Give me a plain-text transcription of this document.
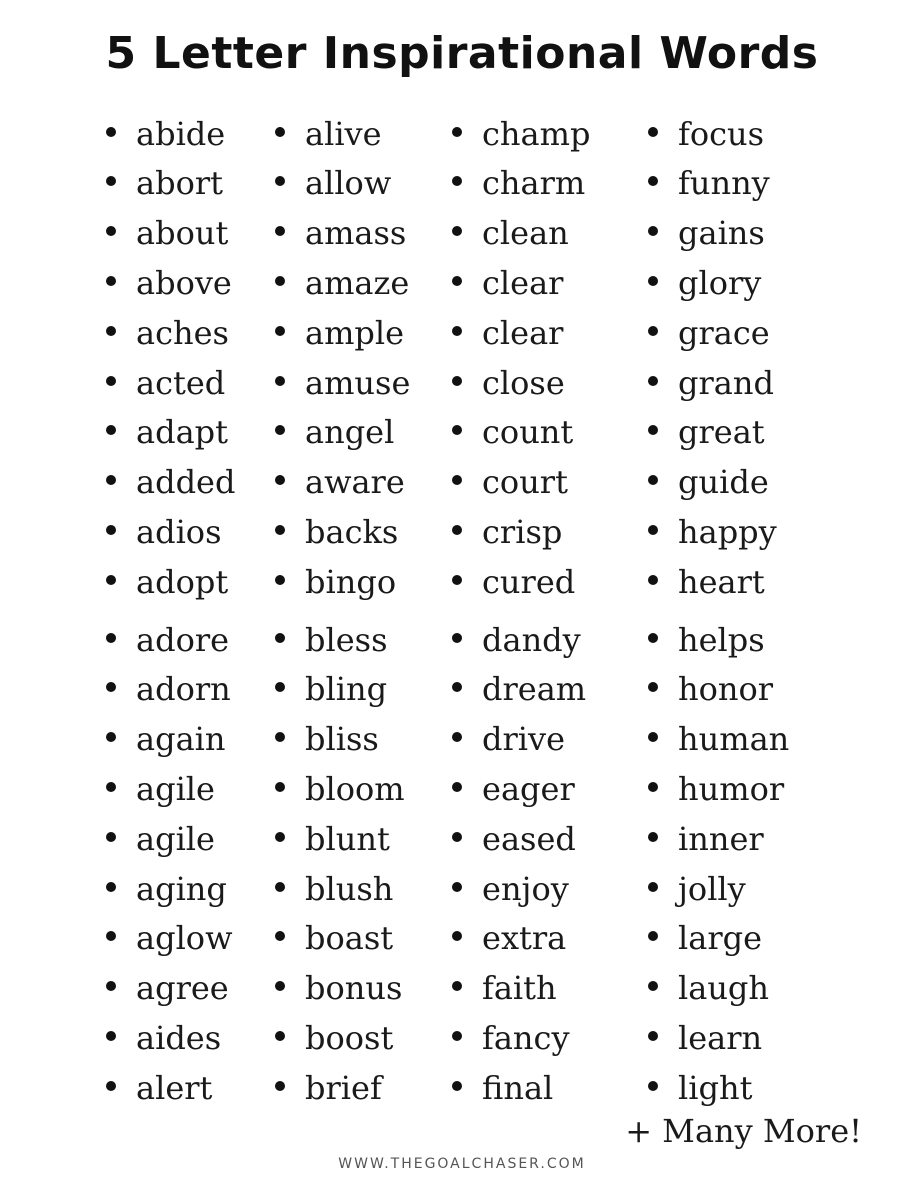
5 Letter Inspirational Words
abide
abort
about
above
aches
acted
adapt
added
adios
adopt
adore
adorn
again
agile
agile
aging
aglow
agree
aides
alert
alive
allow
amass
amaze
ample
amuse
angel
aware
backs
bingo
bless
bling
bliss
bloom
blunt
blush
boast
bonus
boost
brief
champ
charm
clean
clear
clear
close
count
court
crisp
cured
dandy
dream
drive
eager
eased
enjoy
extra
faith
fancy
final
focus
funny
gains
glory
grace
grand
great
guide
happy
heart
helps
honor
human
humor
inner
jolly
large
laugh
learn
light
+ Many More!
WWW.THEGOALCHASER.COM
